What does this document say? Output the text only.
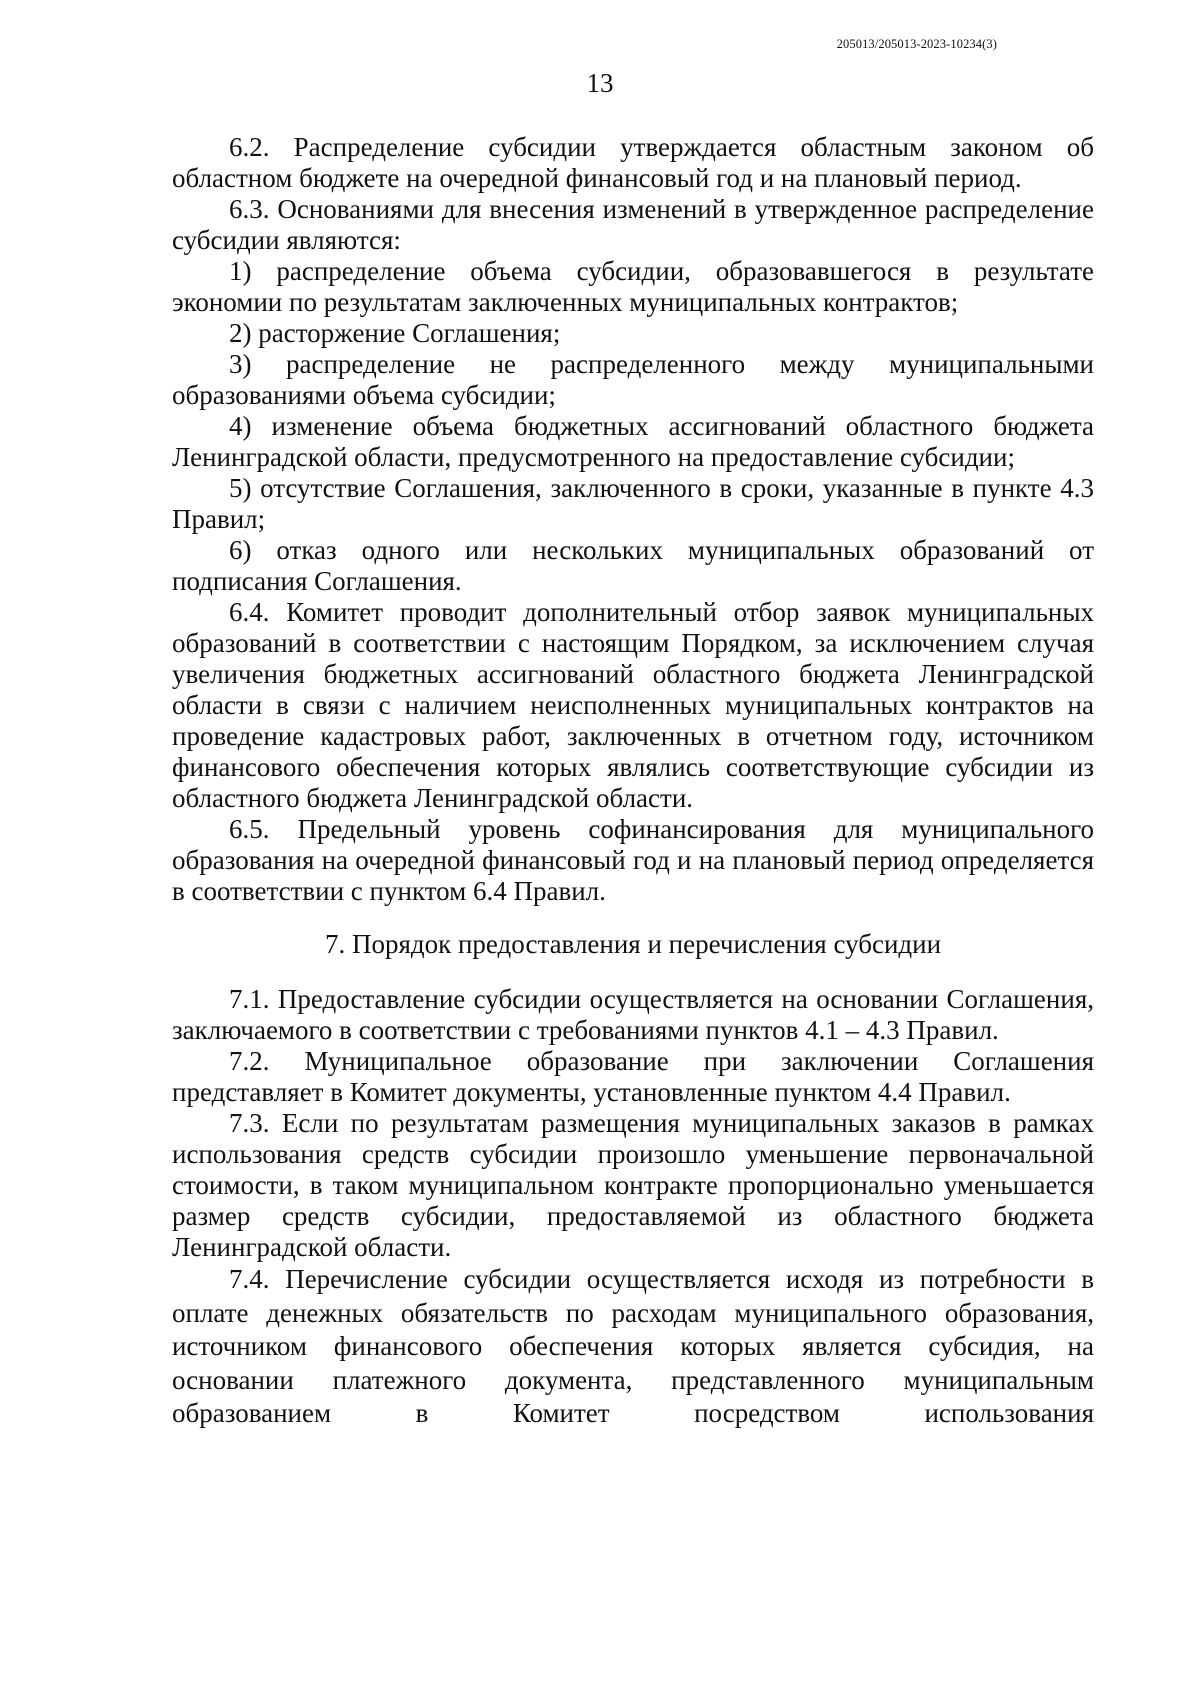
205013/205013-2023-10234(3)
13

6.2. Распределение субсидии утверждается областным законом об областном бюджете на очередной финансовый год и на плановый период.

6.3. Основаниями для внесения изменений в утвержденное распределение субсидии являются:

1) распределение объема субсидии, образовавшегося в результате экономии по результатам заключенных муниципальных контрактов;

2) расторжение Соглашения;

3) распределение не распределенного между муниципальными образованиями объема субсидии;

4) изменение объема бюджетных ассигнований областного бюджета Ленинградской области, предусмотренного на предоставление субсидии;

5) отсутствие Соглашения, заключенного в сроки, указанные в пункте 4.3 Правил;

6) отказ одного или нескольких муниципальных образований от подписания Соглашения.

6.4. Комитет проводит дополнительный отбор заявок муниципальных образований в соответствии с настоящим Порядком, за исключением случая увеличения бюджетных ассигнований областного бюджета Ленинградской области в связи с наличием неисполненных муниципальных контрактов на проведение кадастровых работ, заключенных в отчетном году, источником финансового обеспечения которых являлись соответствующие субсидии из областного бюджета Ленинградской области.

6.5. Предельный уровень софинансирования для муниципального образования на очередной финансовый год и на плановый период определяется в соответствии с пунктом 6.4 Правил.

7. Порядок предоставления и перечисления субсидии

7.1. Предоставление субсидии осуществляется на основании Соглашения, заключаемого в соответствии с требованиями пунктов 4.1 – 4.3 Правил.

7.2. Муниципальное образование при заключении Соглашения представляет в Комитет документы, установленные пунктом 4.4 Правил.

7.3. Если по результатам размещения муниципальных заказов в рамках использования средств субсидии произошло уменьшение первоначальной стоимости, в таком муниципальном контракте пропорционально уменьшается размер средств субсидии, предоставляемой из областного бюджета Ленинградской области.

7.4. Перечисление субсидии осуществляется исходя из потребности в оплате денежных обязательств по расходам муниципального образования, источником финансового обеспечения которых является субсидия, на основании платежного документа, представленного муниципальным образованием в Комитет посредством использования
